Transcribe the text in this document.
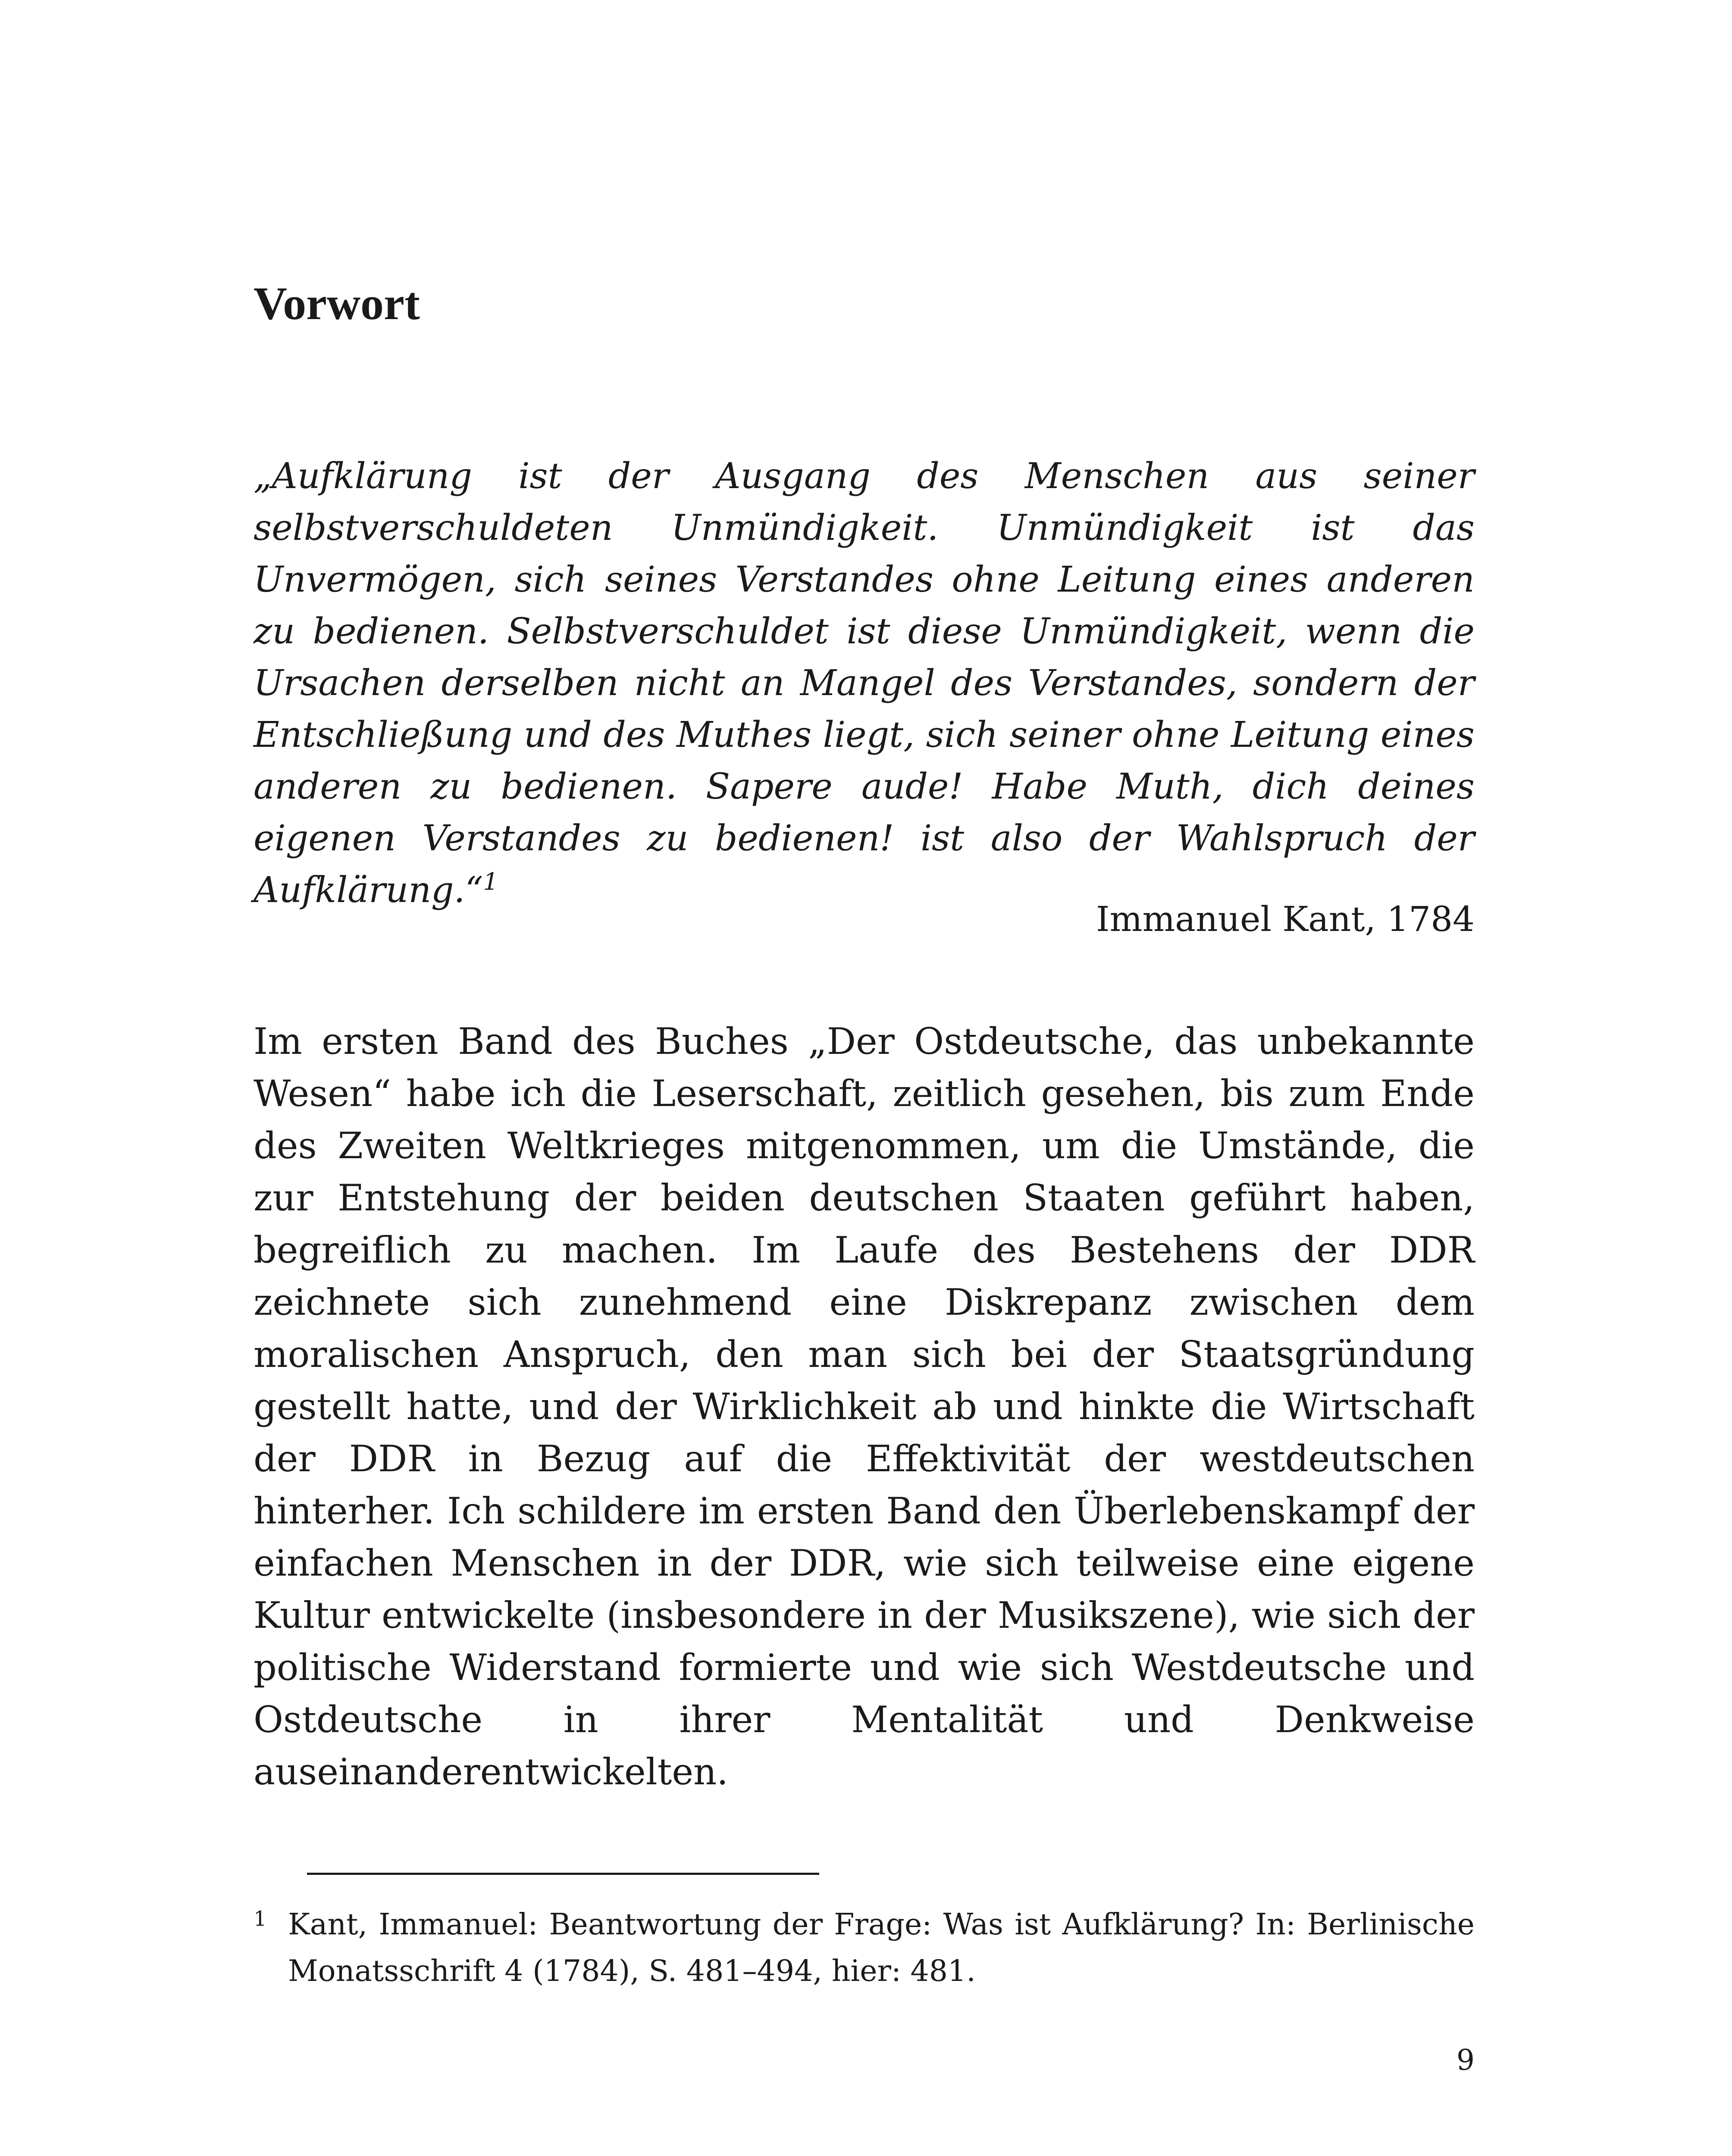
Vorwort

„Aufklärung ist der Ausgang des Menschen aus seiner selbstverschuldeten Unmündigkeit. Unmündigkeit ist das Unvermögen, sich seines Verstandes ohne Leitung eines anderen zu bedienen. Selbstverschuldet ist diese Unmündigkeit, wenn die Ursachen derselben nicht an Mangel des Verstandes, sondern der Entschließung und des Muthes liegt, sich seiner ohne Leitung eines anderen zu bedienen. Sapere aude! Habe Muth, dich deines eigenen Verstandes zu bedienen! ist also der Wahlspruch der Aufklärung.“$^1$

Immanuel Kant, 1784

Im ersten Band des Buches „Der Ostdeutsche, das unbekannte Wesen“ habe ich die Leserschaft, zeitlich gesehen, bis zum Ende des Zweiten Weltkrieges mitgenommen, um die Umstände, die zur Entstehung der beiden deutschen Staaten geführt haben, begreiflich zu machen. Im Laufe des Bestehens der DDR zeichnete sich zunehmend eine Diskrepanz zwischen dem moralischen Anspruch, den man sich bei der Staatsgründung gestellt hatte, und der Wirklichkeit ab und hinkte die Wirtschaft der DDR in Bezug auf die Effektivität der westdeutschen hinterher. Ich schildere im ersten Band den Überlebenskampf der einfachen Menschen in der DDR, wie sich teilweise eine eigene Kultur entwickelte (insbesondere in der Musikszene), wie sich der politische Widerstand formierte und wie sich Westdeutsche und Ostdeutsche in ihrer Mentalität und Denkweise auseinanderentwickelten.

1 Kant, Immanuel: Beantwortung der Frage: Was ist Aufklärung? In: Berlinische Monatsschrift 4 (1784), S. 481–494, hier: 481.

9
